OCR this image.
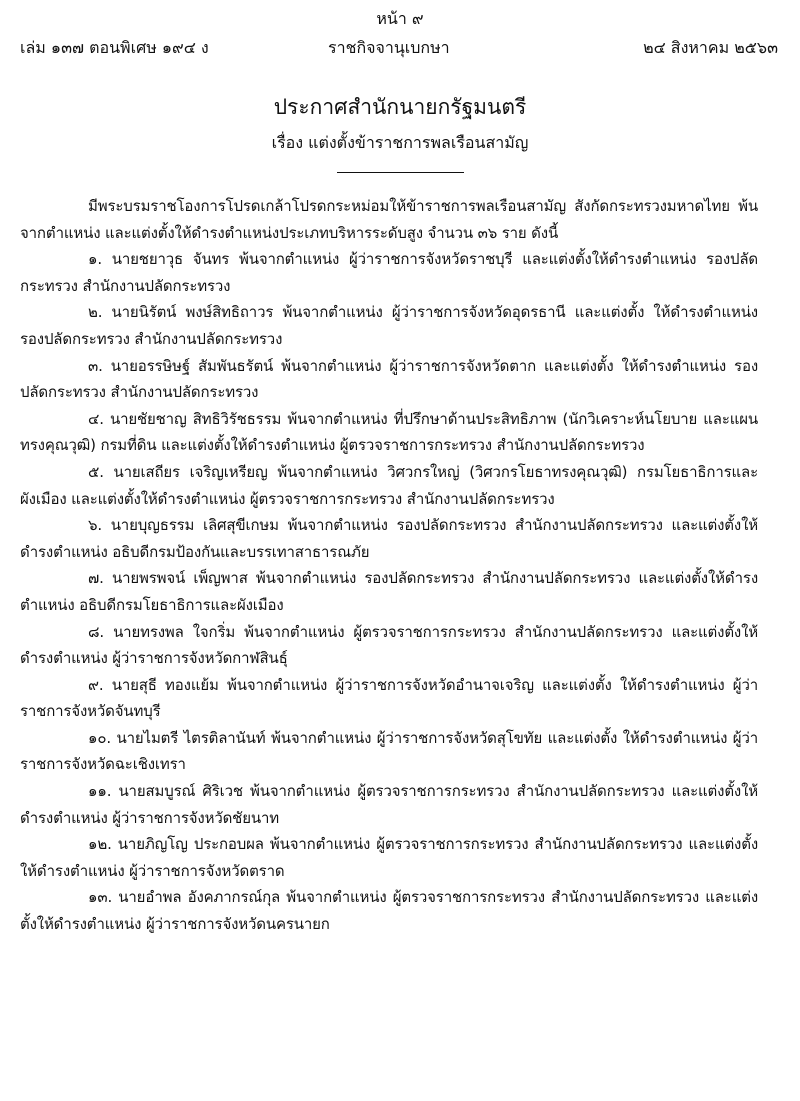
หน้า ๙
เล่ม ๑๓๗ ตอนพิเศษ ๑๙๔ ง	ราชกิจจานุเบกษา	๒๔ สิงหาคม ๒๕๖๓
ประกาศสำนักนายกรัฐมนตรี
เรื่อง แต่งตั้งข้าราชการพลเรือนสามัญ

มีพระบรมราชโองการโปรดเกล้าโปรดกระหม่อมให้ข้าราชการพลเรือนสามัญ สังกัดกระทรวงมหาดไทย พ้นจากตำแหน่ง และแต่งตั้งให้ดำรงตำแหน่งประเภทบริหารระดับสูง จำนวน ๓๖ ราย ดังนี้

๑. นายชยาวุธ จันทร พ้นจากตำแหน่ง ผู้ว่าราชการจังหวัดราชบุรี และแต่งตั้งให้ดำรงตำแหน่ง รองปลัดกระทรวง สำนักงานปลัดกระทรวง

๒. นายนิรัตน์ พงษ์สิทธิถาวร พ้นจากตำแหน่ง ผู้ว่าราชการจังหวัดอุดรธานี และแต่งตั้ง ให้ดำรงตำแหน่ง รองปลัดกระทรวง สำนักงานปลัดกระทรวง

๓. นายอรรษิษฐ์ สัมพันธรัตน์ พ้นจากตำแหน่ง ผู้ว่าราชการจังหวัดตาก และแต่งตั้ง ให้ดำรงตำแหน่ง รองปลัดกระทรวง สำนักงานปลัดกระทรวง

๔. นายชัยชาญ สิทธิวิรัชธรรม พ้นจากตำแหน่ง ที่ปรึกษาด้านประสิทธิภาพ (นักวิเคราะห์นโยบาย และแผนทรงคุณวุฒิ) กรมที่ดิน และแต่งตั้งให้ดำรงตำแหน่ง ผู้ตรวจราชการกระทรวง สำนักงานปลัดกระทรวง

๕. นายเสถียร เจริญเหรียญ พ้นจากตำแหน่ง วิศวกรใหญ่ (วิศวกรโยธาทรงคุณวุฒิ) กรมโยธาธิการและผังเมือง และแต่งตั้งให้ดำรงตำแหน่ง ผู้ตรวจราชการกระทรวง สำนักงานปลัดกระทรวง

๖. นายบุญธรรม เลิศสุขีเกษม พ้นจากตำแหน่ง รองปลัดกระทรวง สำนักงานปลัดกระทรวง และแต่งตั้งให้ดำรงตำแหน่ง อธิบดีกรมป้องกันและบรรเทาสาธารณภัย

๗. นายพรพจน์ เพ็ญพาส พ้นจากตำแหน่ง รองปลัดกระทรวง สำนักงานปลัดกระทรวง และแต่งตั้งให้ดำรงตำแหน่ง อธิบดีกรมโยธาธิการและผังเมือง

๘. นายทรงพล ใจกริ่ม พ้นจากตำแหน่ง ผู้ตรวจราชการกระทรวง สำนักงานปลัดกระทรวง และแต่งตั้งให้ดำรงตำแหน่ง ผู้ว่าราชการจังหวัดกาฬสินธุ์

๙. นายสุธี ทองแย้ม พ้นจากตำแหน่ง ผู้ว่าราชการจังหวัดอำนาจเจริญ และแต่งตั้ง ให้ดำรงตำแหน่ง ผู้ว่าราชการจังหวัดจันทบุรี

๑๐. นายไมตรี ไตรติลานันท์ พ้นจากตำแหน่ง ผู้ว่าราชการจังหวัดสุโขทัย และแต่งตั้ง ให้ดำรงตำแหน่ง ผู้ว่าราชการจังหวัดฉะเชิงเทรา

๑๑. นายสมบูรณ์ ศิริเวช พ้นจากตำแหน่ง ผู้ตรวจราชการกระทรวง สำนักงานปลัดกระทรวง และแต่งตั้งให้ดำรงตำแหน่ง ผู้ว่าราชการจังหวัดชัยนาท

๑๒. นายภิญโญ ประกอบผล พ้นจากตำแหน่ง ผู้ตรวจราชการกระทรวง สำนักงานปลัดกระทรวง และแต่งตั้งให้ดำรงตำแหน่ง ผู้ว่าราชการจังหวัดตราด

๑๓. นายอำพล อังคภากรณ์กุล พ้นจากตำแหน่ง ผู้ตรวจราชการกระทรวง สำนักงานปลัดกระทรวง และแต่งตั้งให้ดำรงตำแหน่ง ผู้ว่าราชการจังหวัดนครนายก
